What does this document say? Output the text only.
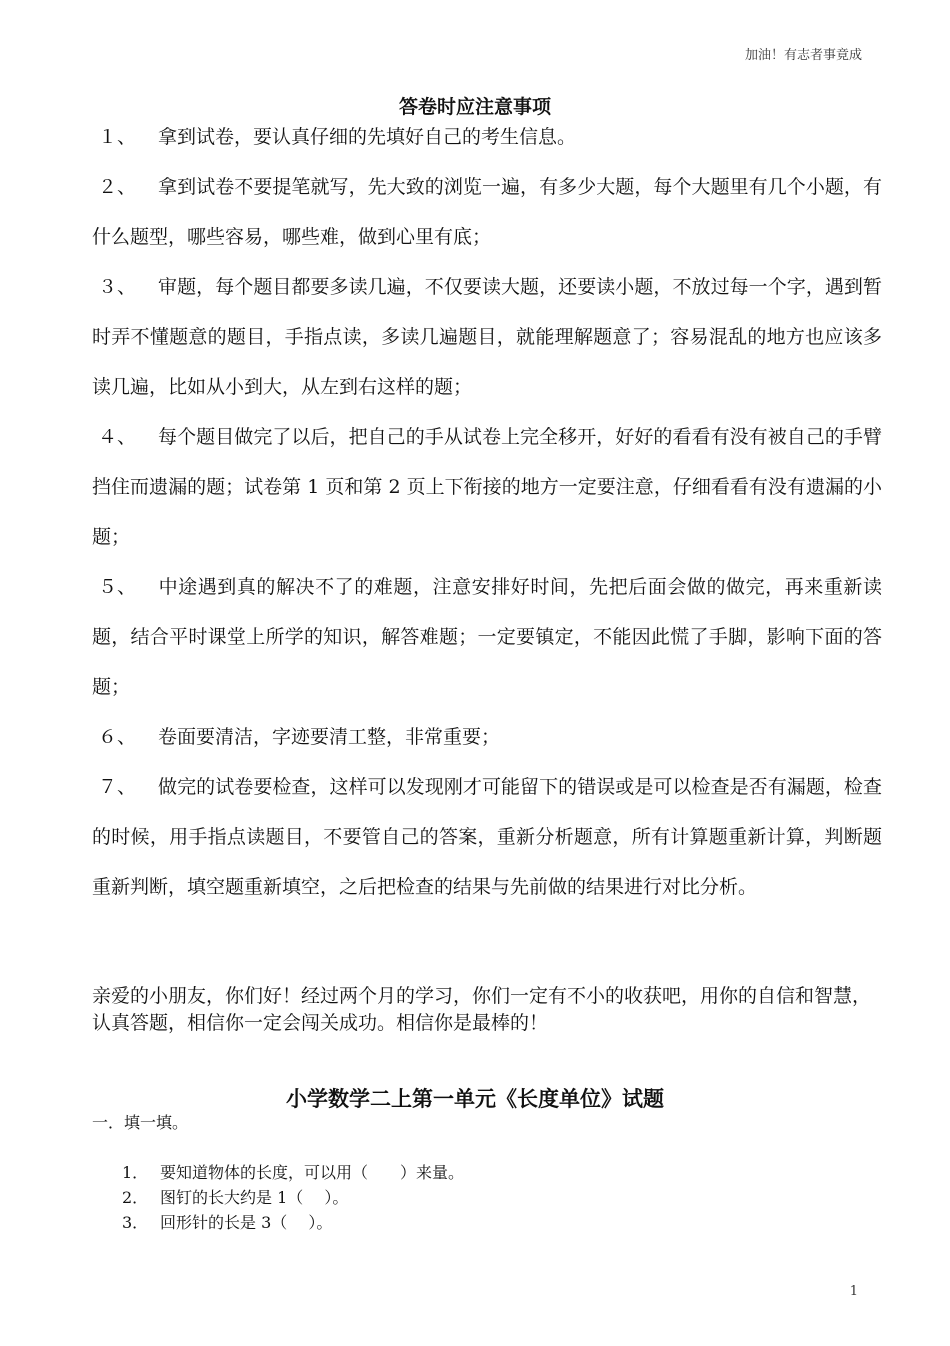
加油！有志者事竟成
答卷时应注意事项

１、 拿到试卷，要认真仔细的先填好自己的考生信息。

２、 拿到试卷不要提笔就写，先大致的浏览一遍，有多少大题，每个大题里有几个小题，有什么题型，哪些容易，哪些难，做到心里有底；

３、 审题，每个题目都要多读几遍，不仅要读大题，还要读小题，不放过每一个字，遇到暂时弄不懂题意的题目，手指点读，多读几遍题目，就能理解题意了；容易混乱的地方也应该多读几遍，比如从小到大，从左到右这样的题；

４、 每个题目做完了以后，把自己的手从试卷上完全移开，好好的看看有没有被自己的手臂挡住而遗漏的题；试卷第 1 页和第 2 页上下衔接的地方一定要注意，仔细看看有没有遗漏的小题；

５、 中途遇到真的解决不了的难题，注意安排好时间，先把后面会做的做完，再来重新读题，结合平时课堂上所学的知识，解答难题；一定要镇定，不能因此慌了手脚，影响下面的答题；

６、 卷面要清洁，字迹要清工整，非常重要；

７、 做完的试卷要检查，这样可以发现刚才可能留下的错误或是可以检查是否有漏题，检查的时候，用手指点读题目，不要管自己的答案，重新分析题意，所有计算题重新计算，判断题重新判断，填空题重新填空，之后把检查的结果与先前做的结果进行对比分析。

亲爱的小朋友，你们好！经过两个月的学习，你们一定有不小的收获吧，用你的自信和智慧，认真答题，相信你一定会闯关成功。相信你是最棒的！

小学数学二上第一单元《长度单位》试题
一．填一填。
1． 要知道物体的长度，可以用（　　）来量。
2． 图钉的长大约是 1（　 ）。
3． 回形针的长是 3（　 ）。
1
